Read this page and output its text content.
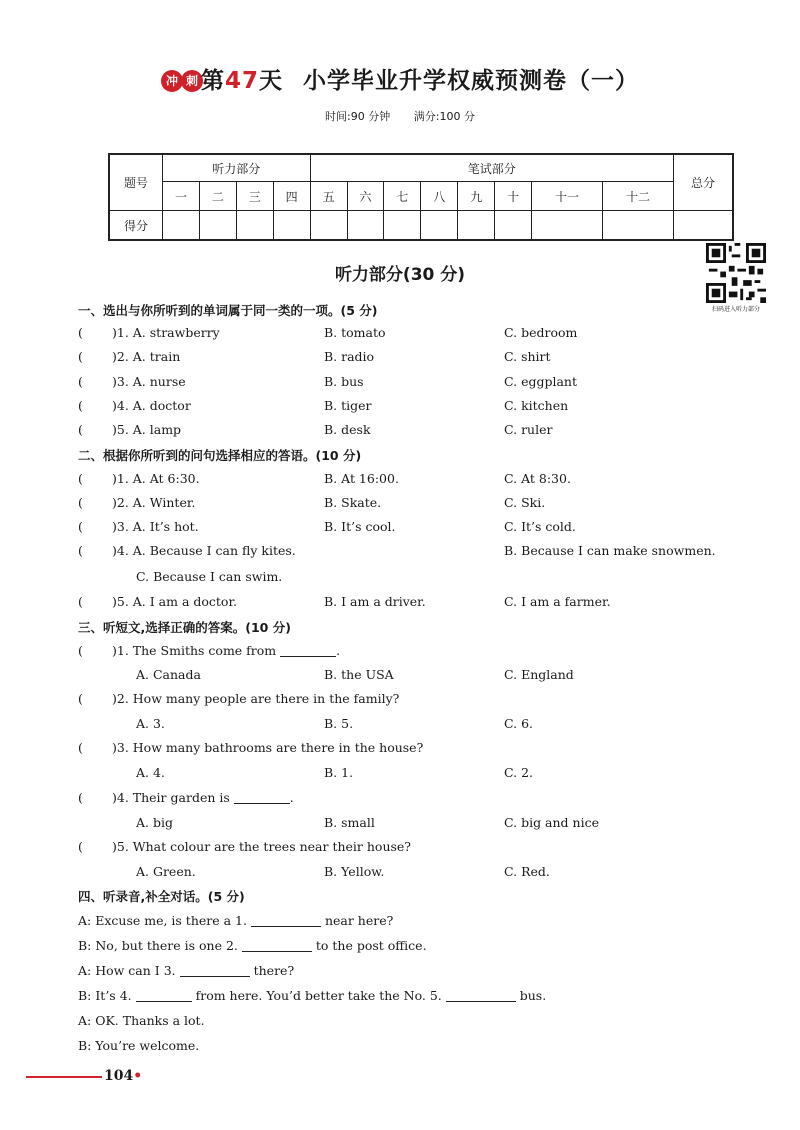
冲 刺 第47天 小学毕业升学权威预测卷（一）
时间:90 分钟 满分:100 分
题号	听力部分				笔试部分								总分
	一	二	三	四	五	六	七	八	九	十	十一	十二	
得分													
听力部分(30 分)
扫码进入听力部分
一、选出与你所听到的单词属于同一类的一项。(5 分)
( )1. A. strawberry	B. tomato	C. bedroom
( )2. A. train	B. radio	C. shirt
( )3. A. nurse	B. bus	C. eggplant
( )4. A. doctor	B. tiger	C. kitchen
( )5. A. lamp	B. desk	C. ruler
二、根据你所听到的问句选择相应的答语。(10 分)
( )1. A. At 6:30.	B. At 16:00.	C. At 8:30.
( )2. A. Winter.	B. Skate.	C. Ski.
( )3. A. It’s hot.	B. It’s cool.	C. It’s cold.
( )4. A. Because I can fly kites.	B. Because I can make snowmen.
C. Because I can swim.
( )5. A. I am a doctor.	B. I am a driver.	C. I am a farmer.
三、听短文,选择正确的答案。(10 分)
( )1. The Smiths come from	.
A. Canada	B. the USA	C. England
( )2. How many people are there in the family?
A. 3.	B. 5.	C. 6.
( )3. How many bathrooms are there in the house?
A. 4.	B. 1.	C. 2.
( )4. Their garden is	.
A. big	B. small	C. big and nice
( )5. What colour are the trees near their house?
A. Green.	B. Yellow.	C. Red.
四、听录音,补全对话。(5 分)
A: Excuse me, is there a 1.	near here?
B: No, but there is one 2.	to the post office.
A: How can I 3.	there?
B: It’s 4.	from here. You’d better take the No. 5.	bus.
A: OK. Thanks a lot.
B: You’re welcome.
104•
